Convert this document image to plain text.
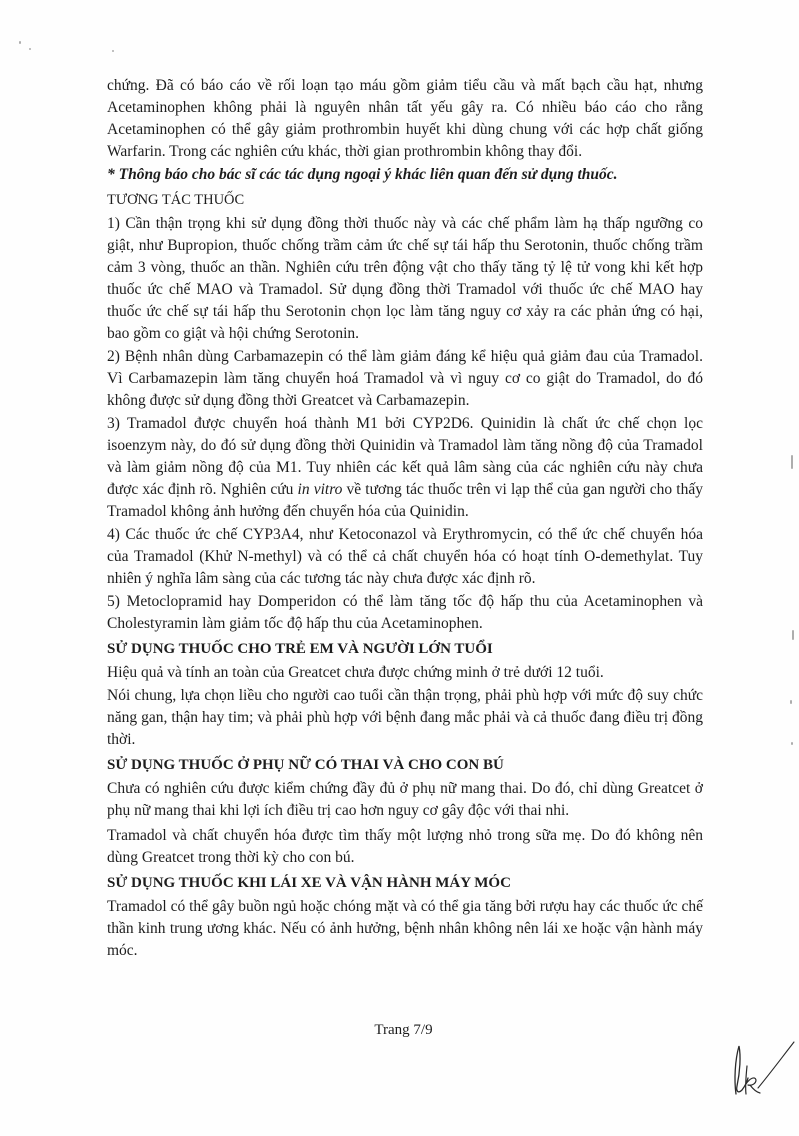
chứng. Đã có báo cáo về rối loạn tạo máu gồm giảm tiểu cầu và mất bạch cầu hạt, nhưng Acetaminophen không phải là nguyên nhân tất yếu gây ra. Có nhiều báo cáo cho rằng Acetaminophen có thể gây giảm prothrombin huyết khi dùng chung với các hợp chất giống Warfarin. Trong các nghiên cứu khác, thời gian prothrombin không thay đổi.

* Thông báo cho bác sĩ các tác dụng ngoại ý khác liên quan đến sử dụng thuốc.

TƯƠNG TÁC THUỐC

1) Cần thận trọng khi sử dụng đồng thời thuốc này và các chế phẩm làm hạ thấp ngưỡng co giật, như Bupropion, thuốc chống trầm cảm ức chế sự tái hấp thu Serotonin, thuốc chống trầm cảm 3 vòng, thuốc an thần. Nghiên cứu trên động vật cho thấy tăng tỷ lệ tử vong khi kết hợp thuốc ức chế MAO và Tramadol. Sử dụng đồng thời Tramadol với thuốc ức chế MAO hay thuốc ức chế sự tái hấp thu Serotonin chọn lọc làm tăng nguy cơ xảy ra các phản ứng có hại, bao gồm co giật và hội chứng Serotonin.

2) Bệnh nhân dùng Carbamazepin có thể làm giảm đáng kể hiệu quả giảm đau của Tramadol. Vì Carbamazepin làm tăng chuyển hoá Tramadol và vì nguy cơ co giật do Tramadol, do đó không được sử dụng đồng thời Greatcet và Carbamazepin.

3) Tramadol được chuyển hoá thành M1 bởi CYP2D6. Quinidin là chất ức chế chọn lọc isoenzym này, do đó sử dụng đồng thời Quinidin và Tramadol làm tăng nồng độ của Tramadol và làm giảm nồng độ của M1. Tuy nhiên các kết quả lâm sàng của các nghiên cứu này chưa được xác định rõ. Nghiên cứu in vitro về tương tác thuốc trên vi lạp thể của gan người cho thấy Tramadol không ảnh hưởng đến chuyển hóa của Quinidin.

4) Các thuốc ức chế CYP3A4, như Ketoconazol và Erythromycin, có thể ức chế chuyển hóa của Tramadol (Khử N-methyl) và có thể cả chất chuyển hóa có hoạt tính O-demethylat. Tuy nhiên ý nghĩa lâm sàng của các tương tác này chưa được xác định rõ.

5) Metoclopramid hay Domperidon có thể làm tăng tốc độ hấp thu của Acetaminophen và Cholestyramin làm giảm tốc độ hấp thu của Acetaminophen.

SỬ DỤNG THUỐC CHO TRẺ EM VÀ NGƯỜI LỚN TUỔI

Hiệu quả và tính an toàn của Greatcet chưa được chứng minh ở trẻ dưới 12 tuổi.

Nói chung, lựa chọn liều cho người cao tuổi cần thận trọng, phải phù hợp với mức độ suy chức năng gan, thận hay tim; và phải phù hợp với bệnh đang mắc phải và cả thuốc đang điều trị đồng thời.

SỬ DỤNG THUỐC Ở PHỤ NỮ CÓ THAI VÀ CHO CON BÚ

Chưa có nghiên cứu được kiểm chứng đầy đủ ở phụ nữ mang thai. Do đó, chỉ dùng Greatcet ở phụ nữ mang thai khi lợi ích điều trị cao hơn nguy cơ gây độc với thai nhi.

Tramadol và chất chuyển hóa được tìm thấy một lượng nhỏ trong sữa mẹ. Do đó không nên dùng Greatcet trong thời kỳ cho con bú.

SỬ DỤNG THUỐC KHI LÁI XE VÀ VẬN HÀNH MÁY MÓC

Tramadol có thể gây buồn ngủ hoặc chóng mặt và có thể gia tăng bởi rượu hay các thuốc ức chế thần kinh trung ương khác. Nếu có ảnh hưởng, bệnh nhân không nên lái xe hoặc vận hành máy móc.

Trang 7/9
